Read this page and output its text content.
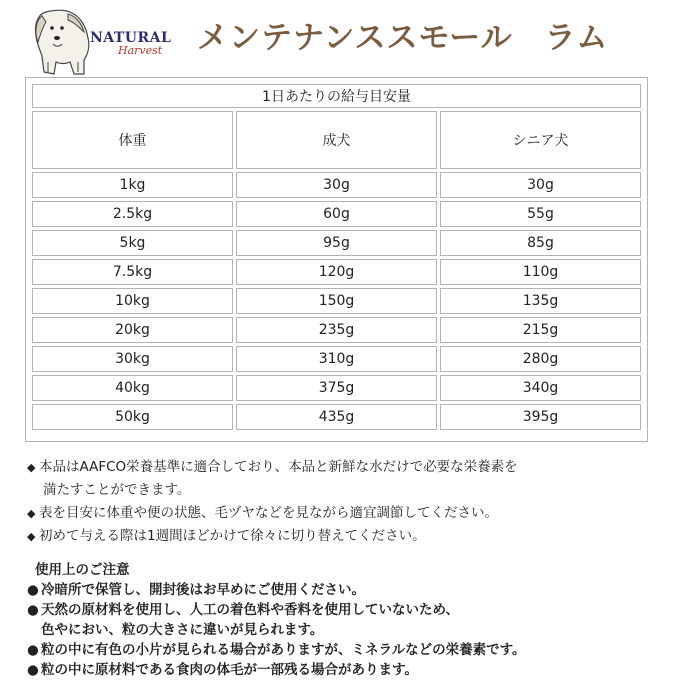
NATURAL
Harvest メンテナンススモール　ラム
1日あたりの給与目安量		
体重	成犬	シニア犬
1kg	30g	30g
2.5kg	60g	55g
5kg	95g	85g
7.5kg	120g	110g
10kg	150g	135g
20kg	235g	215g
30kg	310g	280g
40kg	375g	340g
50kg	435g	395g
◆ 本品はAAFCO栄養基準に適合しており、本品と新鮮な水だけで必要な栄養素を
満たすことができます。
◆ 表を目安に体重や便の状態、毛ヅヤなどを見ながら適宜調節してください。
◆ 初めて与える際は1週間ほどかけて徐々に切り替えてください。
使用上のご注意
● 冷暗所で保管し、開封後はお早めにご使用ください。
● 天然の原材料を使用し、人工の着色料や香料を使用していないため、
色やにおい、粒の大きさに違いが見られます。
● 粒の中に有色の小片が見られる場合がありますが、ミネラルなどの栄養素です。
● 粒の中に原材料である食肉の体毛が一部残る場合があります。
